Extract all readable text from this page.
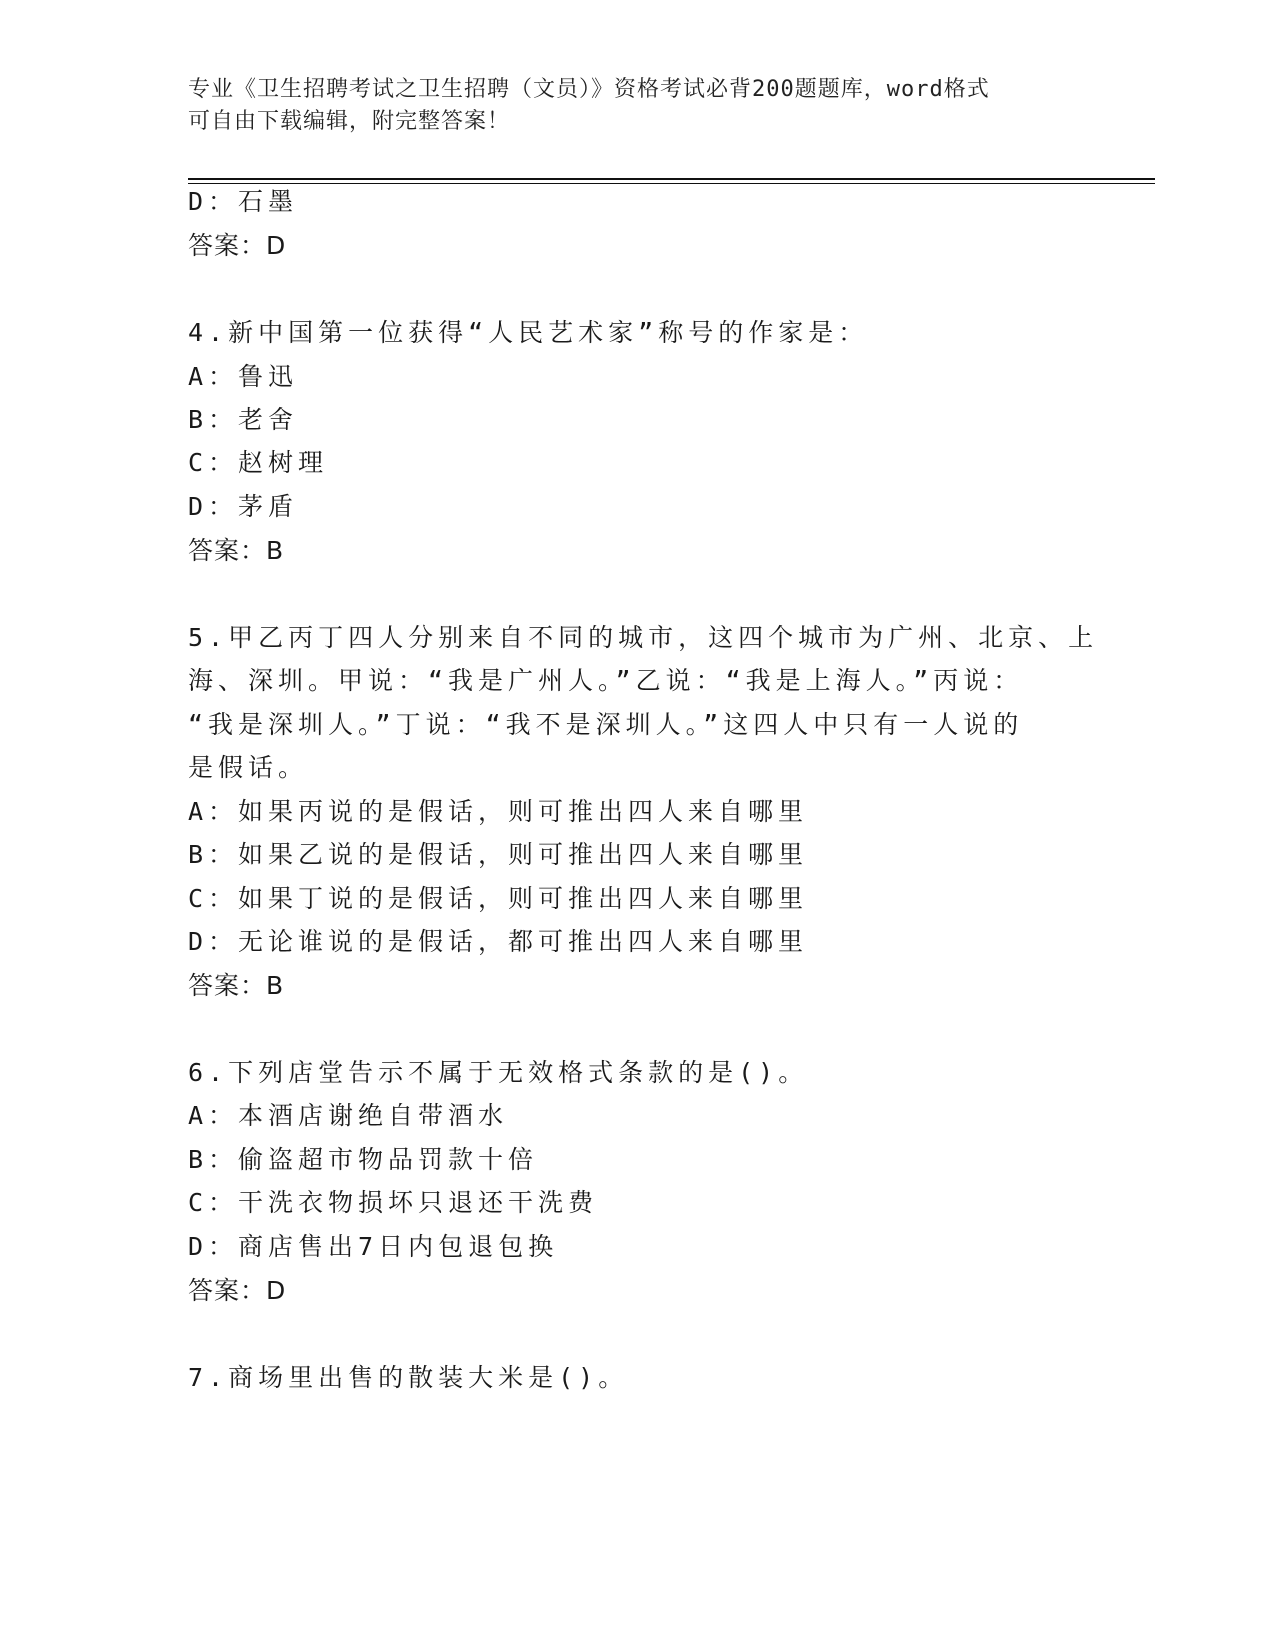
专业《卫生招聘考试之卫生招聘（文员）》资格考试必背200题题库，word格式
可自由下载编辑，附完整答案！
D：石墨
答案：D
4.新中国第一位获得“人民艺术家”称号的作家是：
A：鲁迅
B：老舍
C：赵树理
D：茅盾
答案：B
5.甲乙丙丁四人分别来自不同的城市，这四个城市为广州、北京、上
海、深圳。甲说：“我是广州人。”乙说：“我是上海人。”丙说：
“我是深圳人。”丁说：“我不是深圳人。”这四人中只有一人说的
是假话。
A：如果丙说的是假话，则可推出四人来自哪里
B：如果乙说的是假话，则可推出四人来自哪里
C：如果丁说的是假话，则可推出四人来自哪里
D：无论谁说的是假话，都可推出四人来自哪里
答案：B
6.下列店堂告示不属于无效格式条款的是()。
A：本酒店谢绝自带酒水
B：偷盗超市物品罚款十倍
C：干洗衣物损坏只退还干洗费
D：商店售出7日内包退包换
答案：D
7.商场里出售的散装大米是()。
